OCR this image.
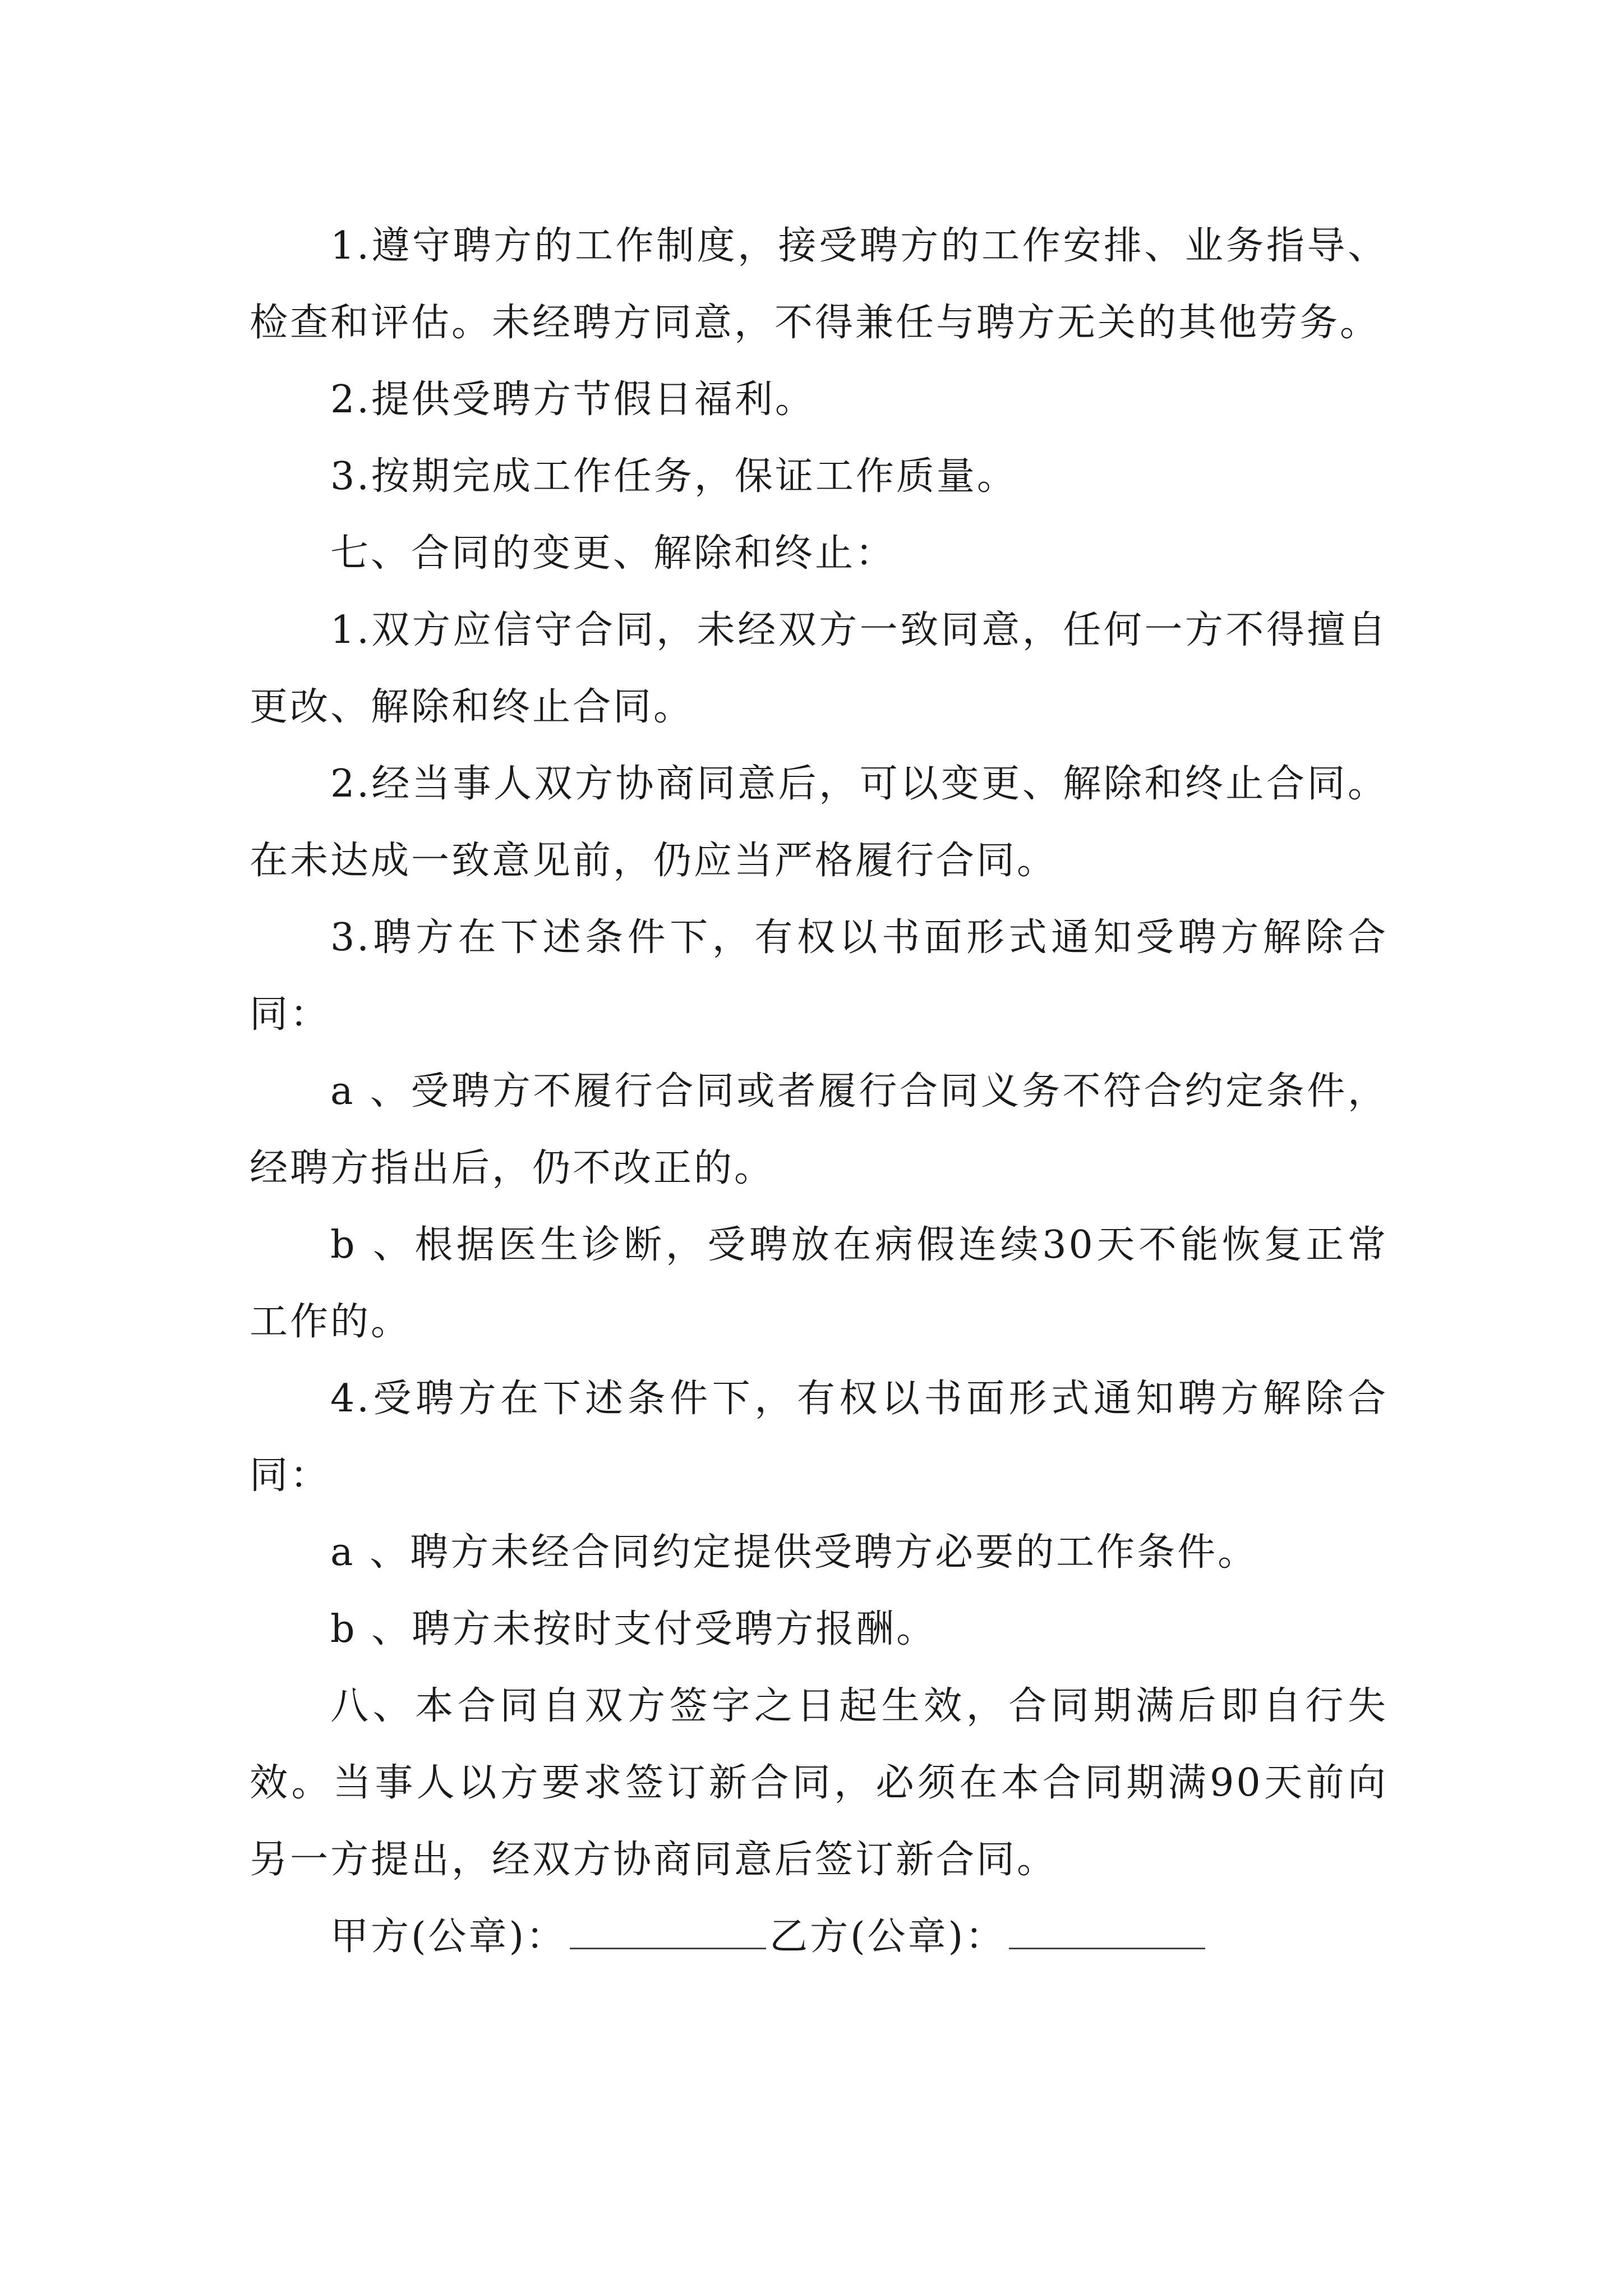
1.遵守聘方的工作制度，接受聘方的工作安排、业务指导、检查和评估。未经聘方同意，不得兼任与聘方无关的其他劳务。

2.提供受聘方节假日福利。

3.按期完成工作任务，保证工作质量。

七、合同的变更、解除和终止：

1.双方应信守合同，未经双方一致同意，任何一方不得擅自更改、解除和终止合同。

2.经当事人双方协商同意后，可以变更、解除和终止合同。在未达成一致意见前，仍应当严格履行合同。

3.聘方在下述条件下，有权以书面形式通知受聘方解除合同：

a 、受聘方不履行合同或者履行合同义务不符合约定条件，经聘方指出后，仍不改正的。

b 、根据医生诊断，受聘放在病假连续30天不能恢复正常工作的。

4.受聘方在下述条件下，有权以书面形式通知聘方解除合同：

a 、聘方未经合同约定提供受聘方必要的工作条件。

b 、聘方未按时支付受聘方报酬。

八、本合同自双方签字之日起生效，合同期满后即自行失效。当事人以方要求签订新合同，必须在本合同期满90天前向另一方提出，经双方协商同意后签订新合同。

甲方(公章)：	乙方(公章)：
